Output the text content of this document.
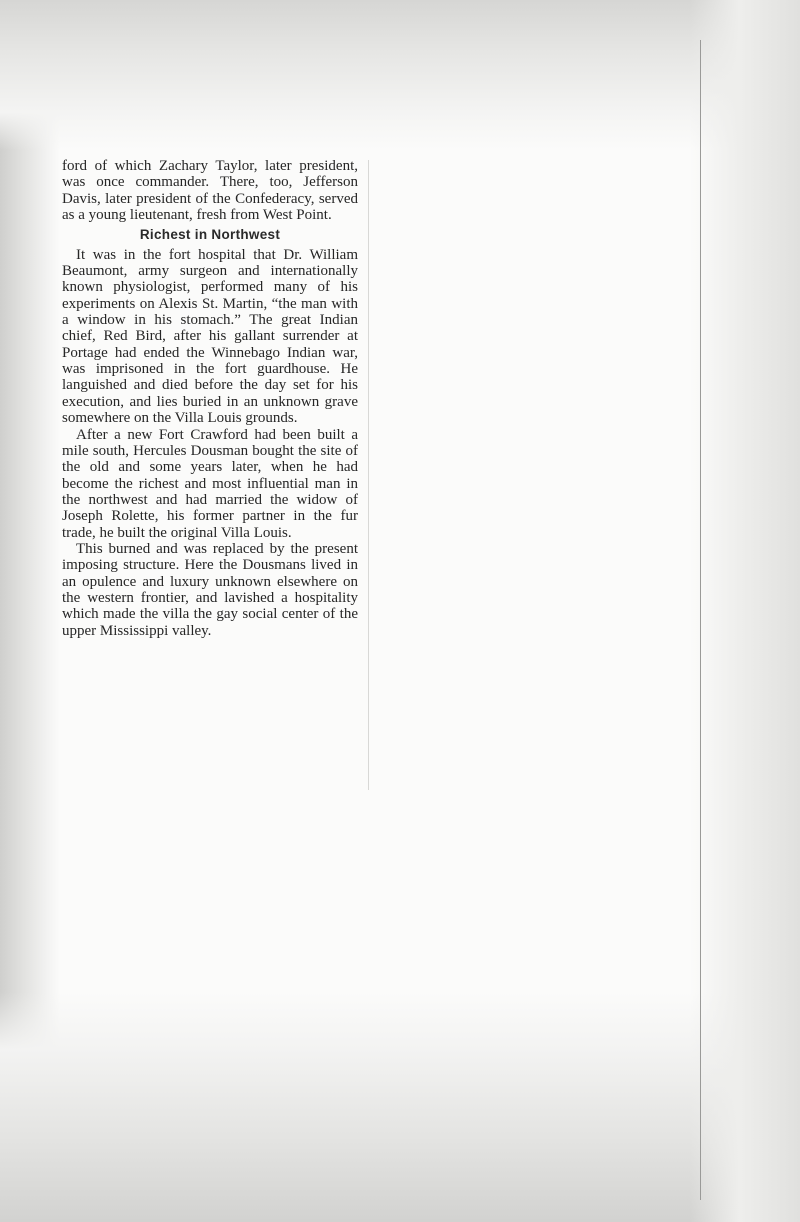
ford of which Zachary Taylor, later president, was once commander. There, too, Jefferson Davis, later president of the Confederacy, served as a young lieutenant, fresh from West Point.

Richest in Northwest

It was in the fort hospital that Dr. William Beaumont, army surgeon and internationally known physiologist, performed many of his experiments on Alexis St. Martin, “the man with a window in his stomach.” The great Indian chief, Red Bird, after his gallant surrender at Portage had ended the Winnebago Indian war, was imprisoned in the fort guardhouse. He languished and died before the day set for his execution, and lies buried in an unknown grave somewhere on the Villa Louis grounds.

After a new Fort Crawford had been built a mile south, Hercules Dousman bought the site of the old and some years later, when he had become the richest and most influential man in the northwest and had married the widow of Joseph Rolette, his former partner in the fur trade, he built the original Villa Louis.

This burned and was replaced by the present imposing structure. Here the Dousmans lived in an opulence and luxury unknown elsewhere on the western frontier, and lavished a hospitality which made the villa the gay social center of the upper Mississippi valley.
